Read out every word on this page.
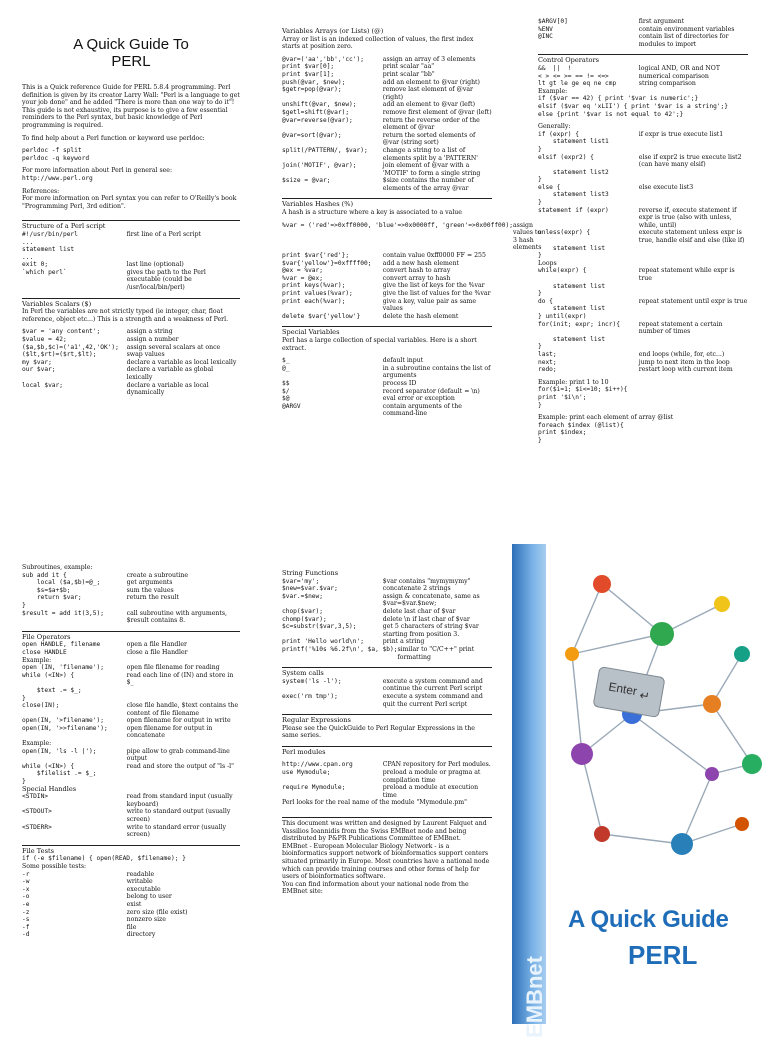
A Quick Guide To PERL

This is a Quick reference Guide for PERL 5.8.4 programming. Perl definition is given by its creator Larry Wall: "Perl is a language to get your job done" and he added "There is more than one way to do it"!

This guide is not exhaustive, its purpose is to give a few essential reminders to the Perl syntax, but basic knowledge of Perl programming is required.

To find help about a Perl function or keyword use perldoc:

perldoc -f split

perldoc -q keyword

For more information about Perl in general see:

http://www.perl.org

References:

For more information on Perl syntax you can refer to O'Reilly's book "Programming Perl, 3rd edition".

Structure of a Perl script

#!/usr/bin/perl	first line of a Perl script
...
statement list
...
exit 0;	last line (optional)
`which perl`	gives the path to the Perl executable (could be /usr/local/bin/perl)

Variables Scalars ($)

In Perl the variables are not strictly typed (ie integer, char, float reference, object etc...) This is a strength and a weakness of Perl.

$var = 'any content';	assign a string
$value = 42;	assign a number
($a,$b,$c)=('a1',42,'OK');	assign several scalars at once
($lt,$rt)=($rt,$lt);	swap values
my $var;	declare a variable as local lexically
our $var;	declare a variable as global lexically
local $var;	declare a variable as local dynamically

Variables Arrays (or Lists) (@)

Array or list is an indexed collection of values, the first index starts at position zero.

@var=('aa','bb','cc');	assign an array of 3 elements
print $var[0];	print scalar "aa"
print $var[1];	print scalar "bb"
push(@var, $new);	add an element to @var (right)
$getr=pop(@var);	remove last element of @var (right)
unshift(@var, $new);	add an element to @var (left)
$getl=shift(@var);	remove first element of @var (left)
@var=reverse(@var);	return the reverse order of the element of @var
@var=sort(@var);	return the sorted elements of @var (string sort)
split(/PATTERN/, $var);	change a string to a list of elements split by a 'PATTERN'
join('MOTIF', @var);	join element of @var with a 'MOTIF' to form a single string
$size = @var;	$size contains the number of elements of the array @var

Variables Hashes (%)

A hash is a structure where a key is associated to a value

%var = ('red'=>0xff0000, 'blue'=>0x0000ff, 'green'=>0x00ff00); assign values to 3 hash elements
print $var{'red'};	contain value 0xff0000 FF = 255
$var{'yellow'}=0xffff00;	add a new hash element
@ex = %var;	convert hash to array
%var = @ex;	convert array to hash
print keys(%var);	give the list of keys for the %var
print values(%var);	give the list of values for the %var
print each(%var);	give a key, value pair as same values
delete $var{'yellow'}	delete the hash element

Special Variables

Perl has a large collection of special variables. Here is a short extract.

$_	default input
@_	in a subroutine contains the list of arguments
$$	process ID
$/	record separator (default = \n)
$@	eval error or exception
@ARGV	contain arguments of the command-line
$ARGV[0]	first argument
%ENV	contain environment variables
@INC	contain list of directories for modules to import

Control Operators

&&  ||  !	logical AND, OR and NOT
< > <= >= == != <=>	numerical comparison
lt gt le ge eq ne cmp	string comparison

Example:

if ($var == 42) { print '$var is numeric';}

elsif ($var eq 'xLII') { print '$var is a string';}

else {print '$var is not equal to 42';}

Generally:

if (expr) {	if expr is true execute list1
statement list1
}
elsif (expr2) {	else if expr2 is true execute list2 (can have many elsif)
statement list2
}
else {	else execute list3
statement list3
}
statement if (expr)	reverse if, execute statement if expr is true (also with unless, while, until)
unless(expr) {	execute statement unless expr is true, handle elsif and else (like if)
statement list
}

Loops

while(expr) {	repeat statement while expr is true
statement list
}
do {	repeat statement until expr is true
statement list
} until(expr)
for(init; expr; incr){	repeat statement a certain number of times
statement list
}
last;	end loops (while, for, etc...)
next;	jump to next item in the loop
redo;	restart loop with current item

Example: print 1 to 10

for($i=1; $i<=10; $i++){

print '$i\n';

}

Example: print each element of array @list

foreach $index (@list){

print $index;

}

Subroutines, example:

sub add it {	create a subroutine
local ($a,$b)=@_;	get arguments
$s=$a+$b;	sum the values
return $var;	return the result
}
$result = add it(3,5);	call subroutine with arguments, $result contains 8.

File Operators

open HANDLE, filename	open a file Handler
close HANDLE	close a file Handler

Example:

open (IN, 'filename');	open file filename for reading
while (<IN>) {	read each line of (IN) and store in $_
$text .= $_;
}
close(IN);	close file handle, $text contains the content of file filename
open(IN, '>filename');	open filename for output in write
open(IN, '>>filename');	open filename for output in concatenate

Example:

open(IN, 'ls -l |');	pipe allow to grab command-line output
while (<IN>) {	read and store the output of "ls -l"
$filelist .= $_;
}

Special Handles

<STDIN>	read from standard input (usually keyboard)
<STDOUT>	write to standard output (usually screen)
<STDERR>	write to standard error (usually screen)

File Tests

if (-e $filename) { open(READ, $filename); }

Some possible tests:

-r	readable
-w	writable
-x	executable
-o	belong to user
-e	exist
-z	zero size (file exist)
-s	nonzero size
-f	file
-d	directory

String Functions

$var='my';	$var contains "mymymymy"
$new=$var.$var;	concatenate 2 strings
$var.=$new;	assign & concatenate, same as $var=$var.$new;
chop($var);	delete last char of $var
chomp($var);	delete \n if last char of $var
$c=substr($var,3,5);	get 5 characters of string $var starting from position 3.
print 'Hello world\n';	print a string
printf('%10s %6.2f\n', $a, $b); similar to "C/C++" print formatting

System calls

system('ls -l');	execute a system command and continue the current Perl script
exec('rm tmp');	execute a system command and quit the current Perl script

Regular Expressions

Please see the QuickGuide to Perl Regular Expressions in the same series.

Perl modules

http://www.cpan.org	CPAN repository for Perl modules.
use Mymodule;	preload a module or pragma at compilation time
require Mymodule;	preload a module at execution time

Perl looks for the real name of the module "Mymodule.pm"

This document was written and designed by Laurent Falquet and Vassilios Ioannidis from the Swiss EMBnet node and being distributed by P&PR Publications Committee of EMBnet.

EMBnet - European Molecular Biology Network - is a bioinformatics support network of bioinformatics support centers situated primarily in Europe. Most countries have a national node which can provide training courses and other forms of help for users of bioinformatics software.

You can find information about your national node from the EMBnet site:

Enter ↵
EMBnet
A Quick Guide
PERL
